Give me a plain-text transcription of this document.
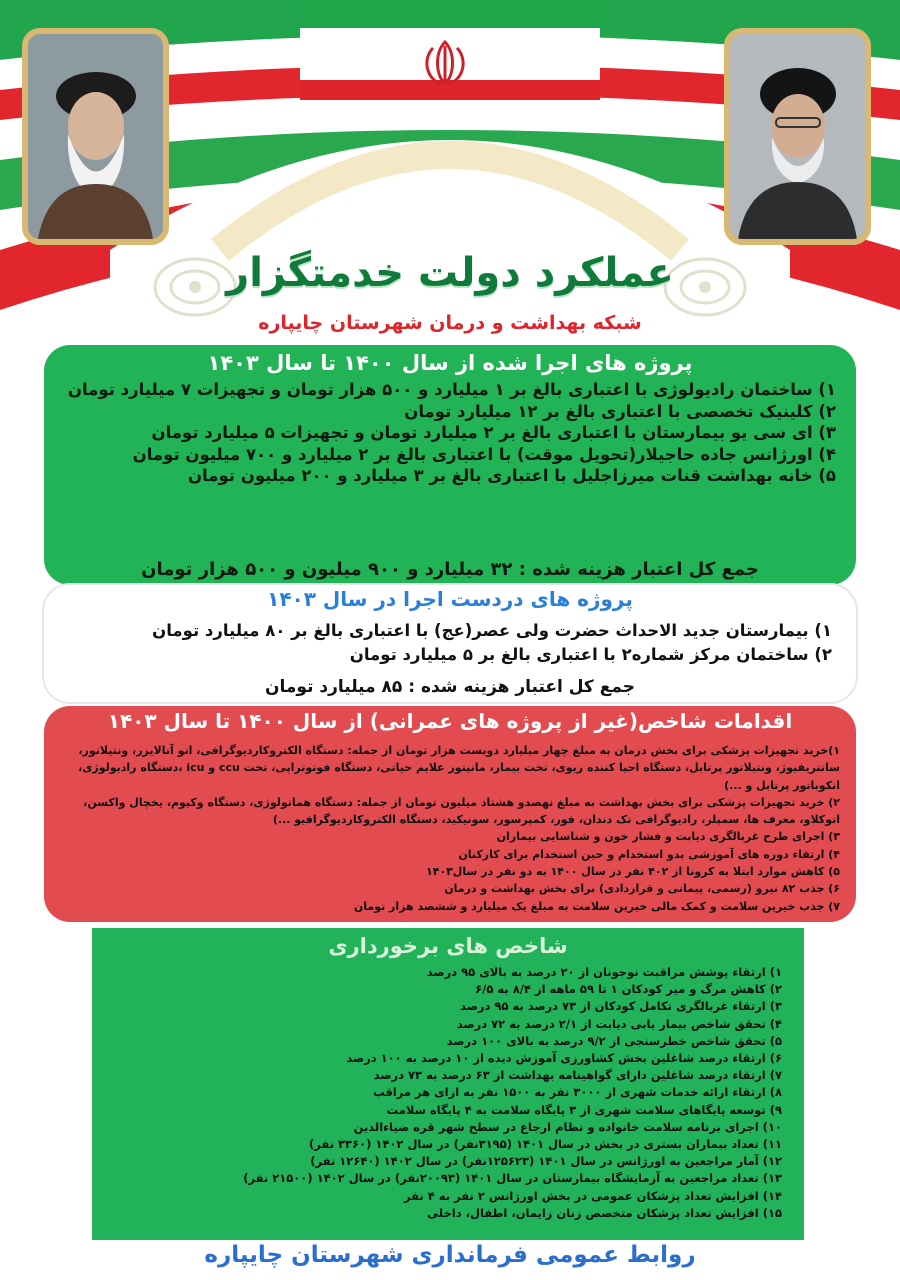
عملکرد دولت خدمتگزار
شبکه بهداشت و درمان شهرستان چایپاره
پروژه های اجرا شده از سال ۱۴۰۰ تا سال ۱۴۰۳
۱) ساختمان رادیولوژی با اعتباری بالغ بر ۱ میلیارد و ۵۰۰ هزار تومان و تجهیزات ۷ میلیارد تومان
۲) کلینیک تخصصی با اعتباری بالغ بر ۱۲ میلیارد تومان
۳) ای سی یو بیمارستان با اعتباری بالغ بر ۲ میلیارد تومان و تجهیزات ۵ میلیارد تومان
۴) اورژانس جاده حاجیلار(تحویل موقت) با اعتباری بالغ بر ۲ میلیارد و ۷۰۰ میلیون تومان
۵) خانه بهداشت قنات میرزاجلیل با اعتباری بالغ بر ۳ میلیارد و ۲۰۰ میلیون تومان
جمع کل اعتبار هزینه شده : ۳۲ میلیارد و ۹۰۰ میلیون و ۵۰۰ هزار تومان
پروژه های دردست اجرا در سال ۱۴۰۳
۱) بیمارستان جدید الاحداث حضرت ولی عصر(عج) با اعتباری بالغ بر ۸۰ میلیارد تومان
۲) ساختمان مرکز شماره۲ با اعتباری بالغ بر ۵ میلیارد تومان
جمع کل اعتبار هزینه شده : ۸۵ میلیارد تومان
اقدامات شاخص(غیر از پروژه های عمرانی) از سال ۱۴۰۰ تا سال ۱۴۰۳
۱)خرید تجهیزات پزشکی برای بخش درمان به مبلغ چهار میلیارد دویست هزار تومان از جمله: دستگاه الکتروکاردیوگرافی، اتو آنالایزر، ونتیلاتور، سانتریفیوژ، ونتیلاتور پرتابل، دستگاه احیا کننده ریوی، تخت بیمار، مانیتور علایم حیاتی، دستگاه فوتوتراپی، تخت ccu و icu ،دستگاه رادیولوژی، انکوباتور پرتابل و ...)
۲) خرید تجهیزات پزشکی برای بخش بهداشت به مبلغ نهصدو هشتاد میلیون تومان از جمله: دستگاه هماتولوژی، دستگاه وکیوم، یخچال واکسن، اتوکلاو، معرف ها، سمپلر، رادیوگرافی تک دندان، فور، کمپرسور، سونیکید، دستگاه الکتروکاردیوگرافیو ...)
۳) اجرای طرح غربالگری دیابت و فشار خون و شناسایی بیماران
۴) ارتقاء دوره های آموزشی بدو استخدام و حین استخدام برای کارکنان
۵) کاهش موارد ابتلا به کرونا از ۴۰۲ نفر در سال ۱۴۰۰ به دو نفر در سال۱۴۰۳
۶) جذب ۸۲ نیرو (رسمی، پیمانی و قراردادی) برای بخش بهداشت و درمان
۷) جذب خیرین سلامت و کمک مالی خیرین سلامت به مبلغ یک میلیارد و ششصد هزار تومان
شاخص های برخورداری
۱) ارتقاء پوشش مراقبت نوجونان از ۲۰ درصد به بالای ۹۵ درصد
۲) کاهش مرگ و میر کودکان ۱ تا ۵۹ ماهه از ۸/۴ به ۶/۵
۳) ارتقاء غربالگری تکامل کودکان از ۷۳ درصد به ۹۵ درصد
۴) تحقق شاخص بیمار یابی دیابت از ۲/۱ درصد به ۷۲ درصد
۵) تحقق شاخص خطرسنجی از ۹/۲ درصد به بالای ۱۰۰ درصد
۶) ارتقاء درصد شاغلین بخش کشاورزی آموزش دیده از ۱۰ درصد به ۱۰۰ درصد
۷) ارتقاء درصد شاغلین دارای گواهینامه بهداشت از ۶۳ درصد به ۷۳ درصد
۸) ارتقاء ارائه خدمات شهری از ۳۰۰۰ نفر به ۱۵۰۰ نفر به ازای هر مراقب
۹) توسعه پایگاهای سلامت شهری از ۳ پایگاه سلامت به ۴ پایگاه سلامت
۱۰) اجرای برنامه سلامت خانواده و نظام ارجاع در سطح شهر قره ضیاءالدین
۱۱) تعداد بیماران بستری در بخش در سال ۱۴۰۱ (۳۱۹۵نفر) در سال ۱۴۰۲ (۳۳۶۰ نفر)
۱۲) آمار مراجعین به اورژانس در سال ۱۴۰۱ (۱۲۵۶۲۳نفر) در سال ۱۴۰۲ (۱۲۶۴۰ نفر)
۱۳) تعداد مراجعین به آزمایشگاه بیمارستان در سال ۱۴۰۱ (۲۰۰۹۳نفر) در سال ۱۴۰۲ (۲۱۵۰۰ نفر)
۱۴) افزایش تعداد پزشکان عمومی در بخش اورژانس ۲ نفر به ۴ نفر
۱۵) افزایش تعداد پزشکان متخصص زنان زایمان، اطفال، داخلی
روابط عمومی فرمانداری شهرستان چایپاره
